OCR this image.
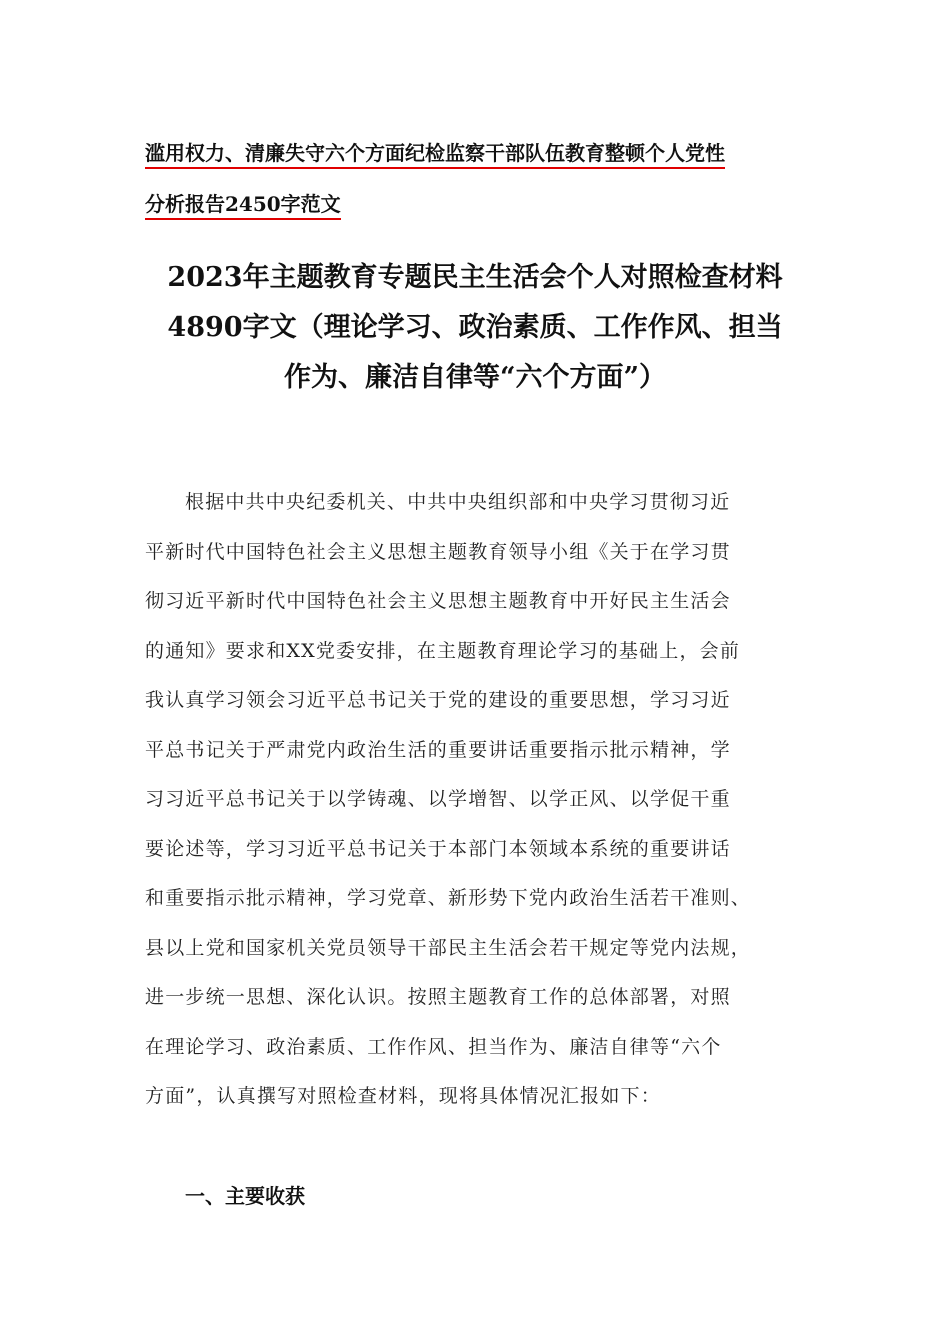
滥用权力、清廉失守六个方面纪检监察干部队伍教育整顿个人党性
分析报告2450字范文
2023年主题教育专题民主生活会个人对照检查材料
4890字文（理论学习、政治素质、工作作风、担当
作为、廉洁自律等“六个方面”）
根据中共中央纪委机关、中共中央组织部和中央学习贯彻习近
平新时代中国特色社会主义思想主题教育领导小组《关于在学习贯
彻习近平新时代中国特色社会主义思想主题教育中开好民主生活会
的通知》要求和XX党委安排，在主题教育理论学习的基础上，会前
我认真学习领会习近平总书记关于党的建设的重要思想，学习习近
平总书记关于严肃党内政治生活的重要讲话重要指示批示精神，学
习习近平总书记关于以学铸魂、以学增智、以学正风、以学促干重
要论述等，学习习近平总书记关于本部门本领域本系统的重要讲话
和重要指示批示精神，学习党章、新形势下党内政治生活若干准则、
县以上党和国家机关党员领导干部民主生活会若干规定等党内法规，
进一步统一思想、深化认识。按照主题教育工作的总体部署，对照
在理论学习、政治素质、工作作风、担当作为、廉洁自律等“六个
方面”，认真撰写对照检查材料，现将具体情况汇报如下：
一、主要收获
